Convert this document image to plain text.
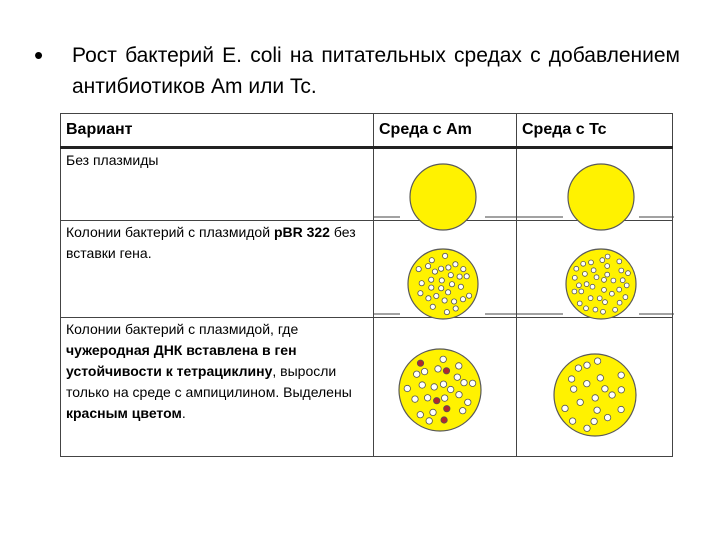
• Рост бактерий E. coli на питательных средах с добавлением антибиотиков Am или Tc.
Вариант	Среда с Am	Среда с Tc
Без плазмиды	

Колонии бактерий с плазмидой pBR 322 без вставки гена.	

Колонии бактерий с плазмидой, где чужеродная ДНК вставлена в ген устойчивости к тетрациклину, выросли только на среде с ампицилином. Выделены красным цветом.	
